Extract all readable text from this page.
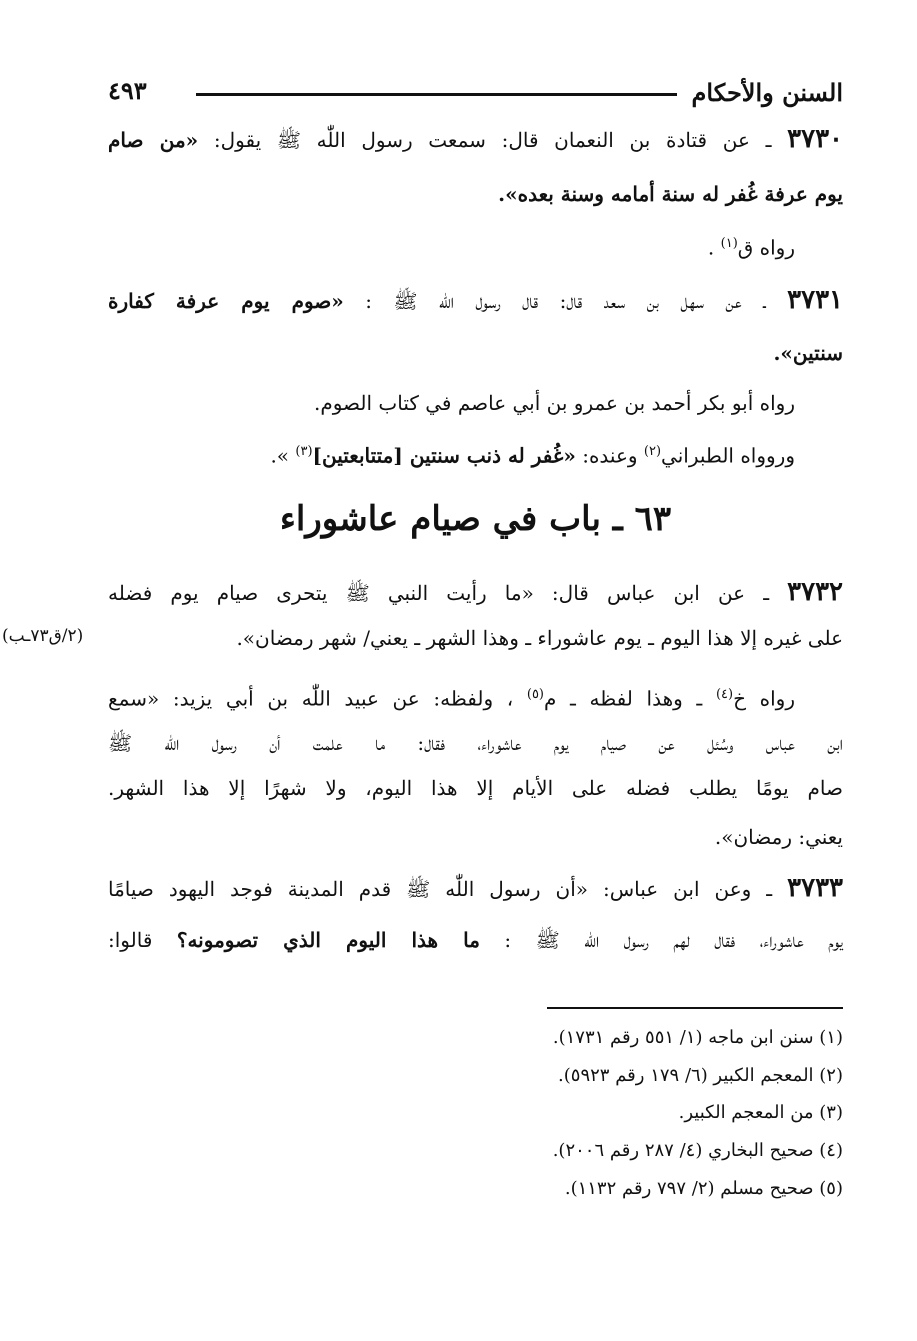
السنن والأحكام
٤٩٣
٣٧٣٠ ـ عن قتادة بن النعمان قال: سمعت رسول اللّٰه ﷺ يقول: «من صام
يوم عرفة غُفر له سنة أمامه وسنة بعده».
رواه ق$^{(١)}$ .
٣٧٣١ ـ عن سهل بن سعد قال: قال رسول اللّٰه ﷺ : «صوم يوم عرفة كفارة
سنتين».
رواه أبو بكر أحمد بن عمرو بن أبي عاصم في كتاب الصوم.
وروواه الطبراني$^{(٢)}$ وعنده: «غُفر له ذنب سنتين [متتابعتين]$^{(٣)}$ ».
٦٣ ـ باب في صيام عاشوراء
٣٧٣٢ ـ عن ابن عباس قال: «ما رأيت النبي ﷺ يتحرى صيام يوم فضله
على غيره إلا هذا اليوم ـ يوم عاشوراء ـ وهذا الشهر ـ يعني/ شهر رمضان».
(٢/ق٧٣ـب)
رواه خ$^{(٤)}$ ـ وهذا لفظه ـ م$^{(٥)}$ ، ولفظه: عن عبيد اللّٰه بن أبي يزيد: «سمع
ابن عباس وسُئل عن صيام يوم عاشوراء، فقال: ما علمت أن رسول اللّٰه ﷺ
صام يومًا يطلب فضله على الأيام إلا هذا اليوم، ولا شهرًا إلا هذا الشهر.
يعني: رمضان».
٣٧٣٣ ـ وعن ابن عباس: «أن رسول اللّٰه ﷺ قدم المدينة فوجد اليهود صيامًا
يوم عاشوراء، فقال لهم رسول اللّٰه ﷺ : ما هذا اليوم الذي تصومونه؟ قالوا:
(١) سنن ابن ماجه (١/ ٥٥١ رقم ١٧٣١).
(٢) المعجم الكبير (٦/ ١٧٩ رقم ٥٩٢٣).
(٣) من المعجم الكبير.
(٤) صحيح البخاري (٤/ ٢٨٧ رقم ٢٠٠٦).
(٥) صحيح مسلم (٢/ ٧٩٧ رقم ١١٣٢).
